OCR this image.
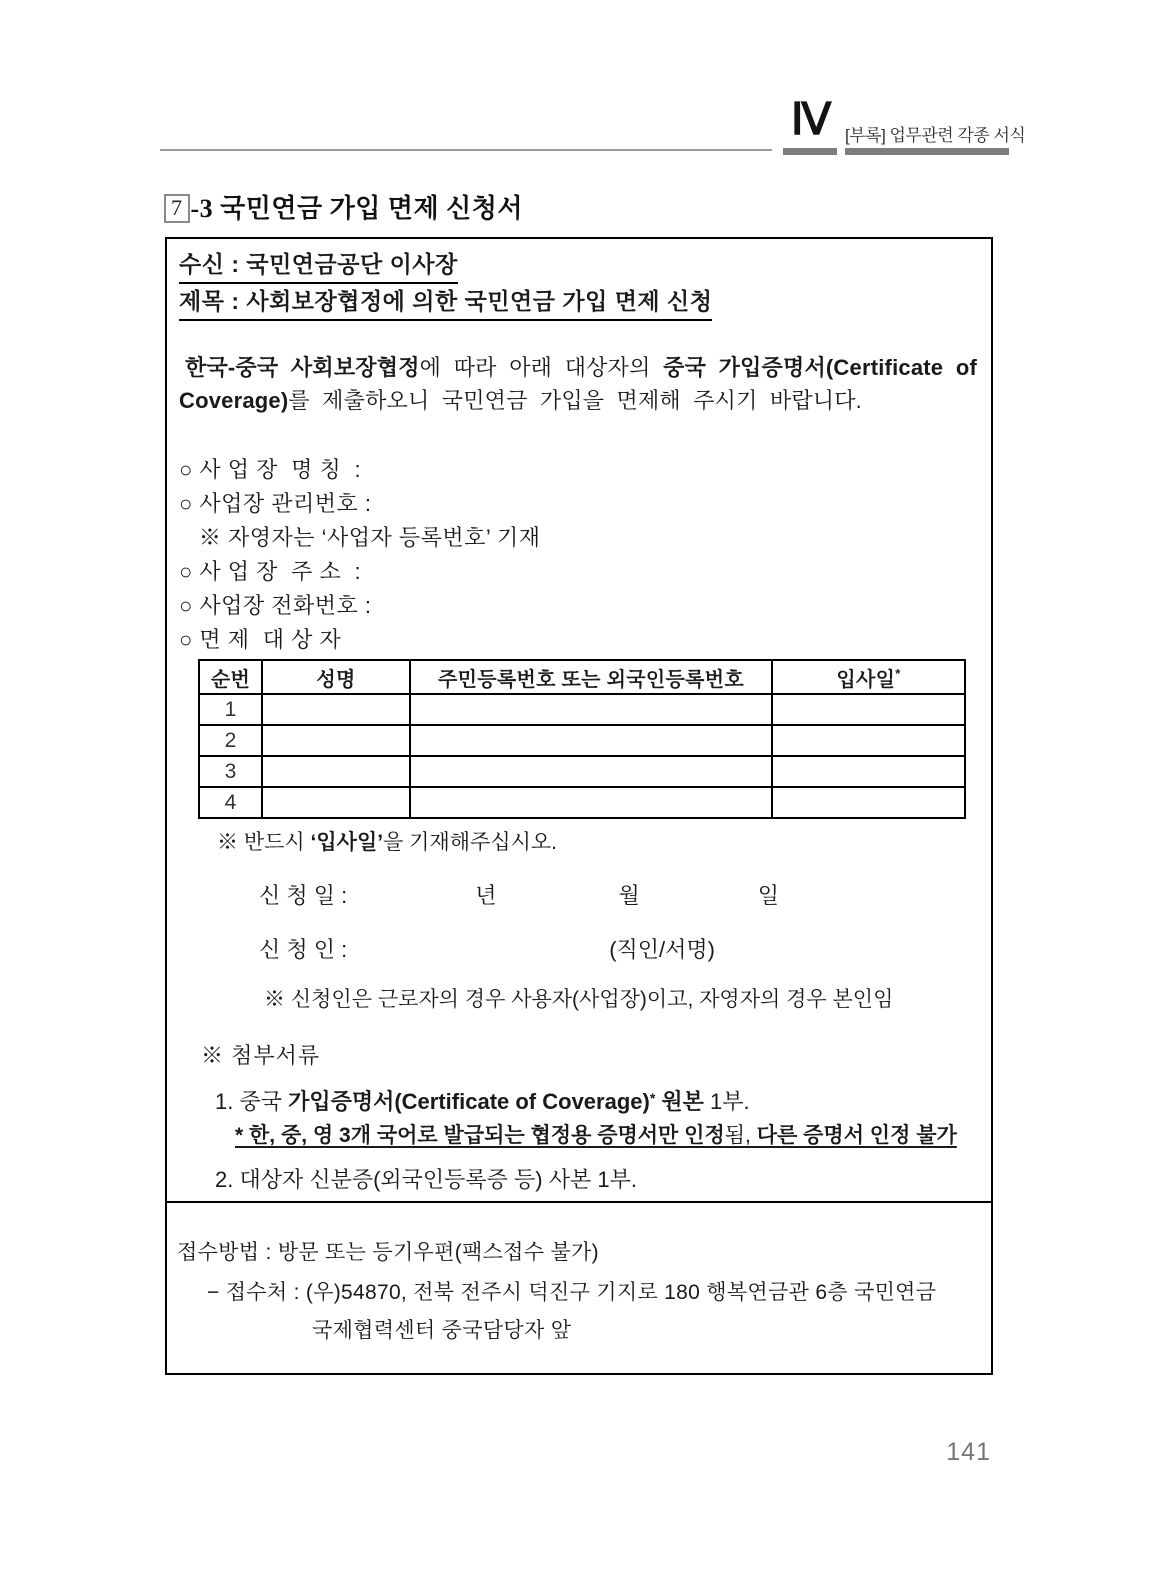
Ⅳ [부록] 업무관련 각종 서식
7 -3 국민연금 가입 면제 신청서
수신 : 국민연금공단 이사장
제목 : 사회보장협정에 의한 국민연금 가입 면제 신청
한국-중국 사회보장협정에 따라 아래 대상자의 중국 가입증명서(Certificate of Coverage)를 제출하오니 국민연금 가입을 면제해 주시기 바랍니다.
○ 사 업 장  명 칭  :
○ 사업장 관리번호 :
※ 자영자는 ‘사업자 등록번호’ 기재
○ 사 업 장  주 소  :
○ 사업장 전화번호 :
○ 면 제  대 상 자
순번	성명	주민등록번호 또는 외국인등록번호	입사일*
1			
2			
3			
4			
※ 반드시 ‘입사일’을 기재해주십시오.
신 청 일 :	년	월	일
신 청 인 :	(직인/서명)
※ 신청인은 근로자의 경우 사용자(사업장)이고, 자영자의 경우 본인임
※ 첨부서류
1. 중국 가입증명서(Certificate of Coverage)* 원본 1부.
* 한, 중, 영 3개 국어로 발급되는 협정용 증명서만 인정됨, 다른 증명서 인정 불가
2. 대상자 신분증(외국인등록증 등) 사본 1부.
접수방법 : 방문 또는 등기우편(팩스접수 불가)
− 접수처 : (우)54870, 전북 전주시 덕진구 기지로 180 행복연금관 6층 국민연금
국제협력센터 중국담당자 앞
141
